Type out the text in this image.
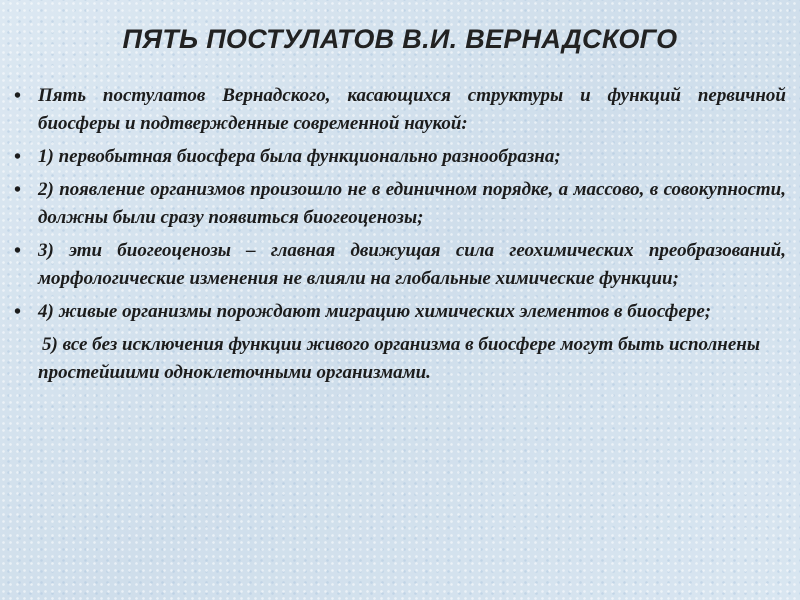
ПЯТЬ ПОСТУЛАТОВ В.И. ВЕРНАДСКОГО
• Пять постулатов Вернадского, касающихся структуры и функций первичной биосферы и подтвержденные современной наукой:
• 1) первобытная биосфера была функционально разнообразна;
• 2) появление организмов произошло не в единичном порядке, а массово, в совокупности, должны были сразу появиться биогеоценозы;
• 3) эти биогеоценозы – главная движущая сила геохимических преобразований, морфологические изменения не влияли на глобальные химические функции;
• 4) живые организмы порождают миграцию химических элементов в биосфере;
5) все без исключения функции живого организма в биосфере могут быть исполнены простейшими одноклеточными организмами.
